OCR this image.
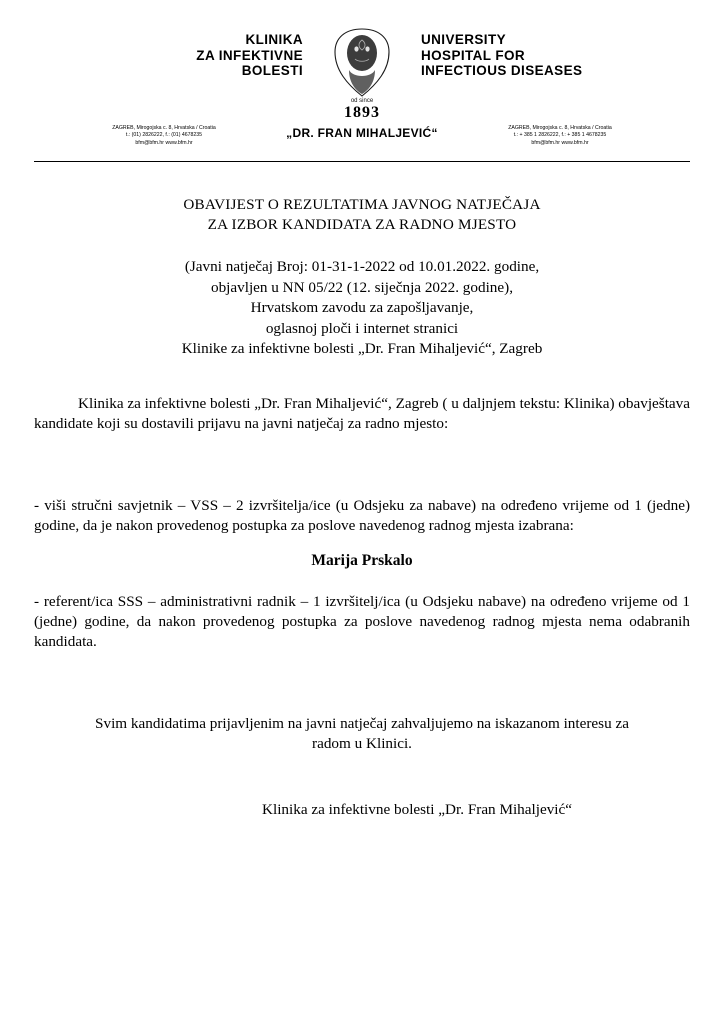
KLINIKA
ZA INFEKTIVNE
BOLESTI
od since
1893
UNIVERSITY
HOSPITAL FOR
INFECTIOUS DISEASES
ZAGREB, Mirogojska c. 8, Hrvatska / Croatia
t.: (01) 2826222, f.: (01) 4678235
bfm@bfm.hr www.bfm.hr
„DR. FRAN MIHALJEVIĆ“	ZAGREB, Mirogojska c. 8, Hrvatska / Croatia
t.: + 385 1 2826222, f.: + 385 1 4678235
bfm@bfm.hr www.bfm.hr
OBAVIJEST O REZULTATIMA JAVNOG NATJEČAJA
ZA IZBOR KANDIDATA ZA RADNO MJESTO
(Javni natječaj Broj: 01-31-1-2022 od 10.01.2022. godine,
objavljen u NN 05/22 (12. siječnja 2022. godine),
Hrvatskom zavodu za zapošljavanje,
oglasnoj ploči i internet stranici
Klinike za infektivne bolesti „Dr. Fran Mihaljević“, Zagreb

Klinika za infektivne bolesti „Dr. Fran Mihaljević“, Zagreb ( u daljnjem tekstu: Klinika) obavještava kandidate koji su dostavili prijavu na javni natječaj za radno mjesto:

- viši stručni savjetnik – VSS – 2 izvršitelja/ice (u Odsjeku za nabave) na određeno vrijeme od 1 (jedne) godine, da je nakon provedenog postupka za poslove navedenog radnog mjesta izabrana:

Marija Prskalo

- referent/ica SSS – administrativni radnik – 1 izvršitelj/ica (u Odsjeku nabave) na određeno vrijeme od 1 (jedne) godine, da nakon provedenog postupka za poslove navedenog radnog mjesta nema odabranih kandidata.

Svim kandidatima prijavljenim na javni natječaj zahvaljujemo na iskazanom interesu za radom u Klinici.

Klinika za infektivne bolesti „Dr. Fran Mihaljević“
